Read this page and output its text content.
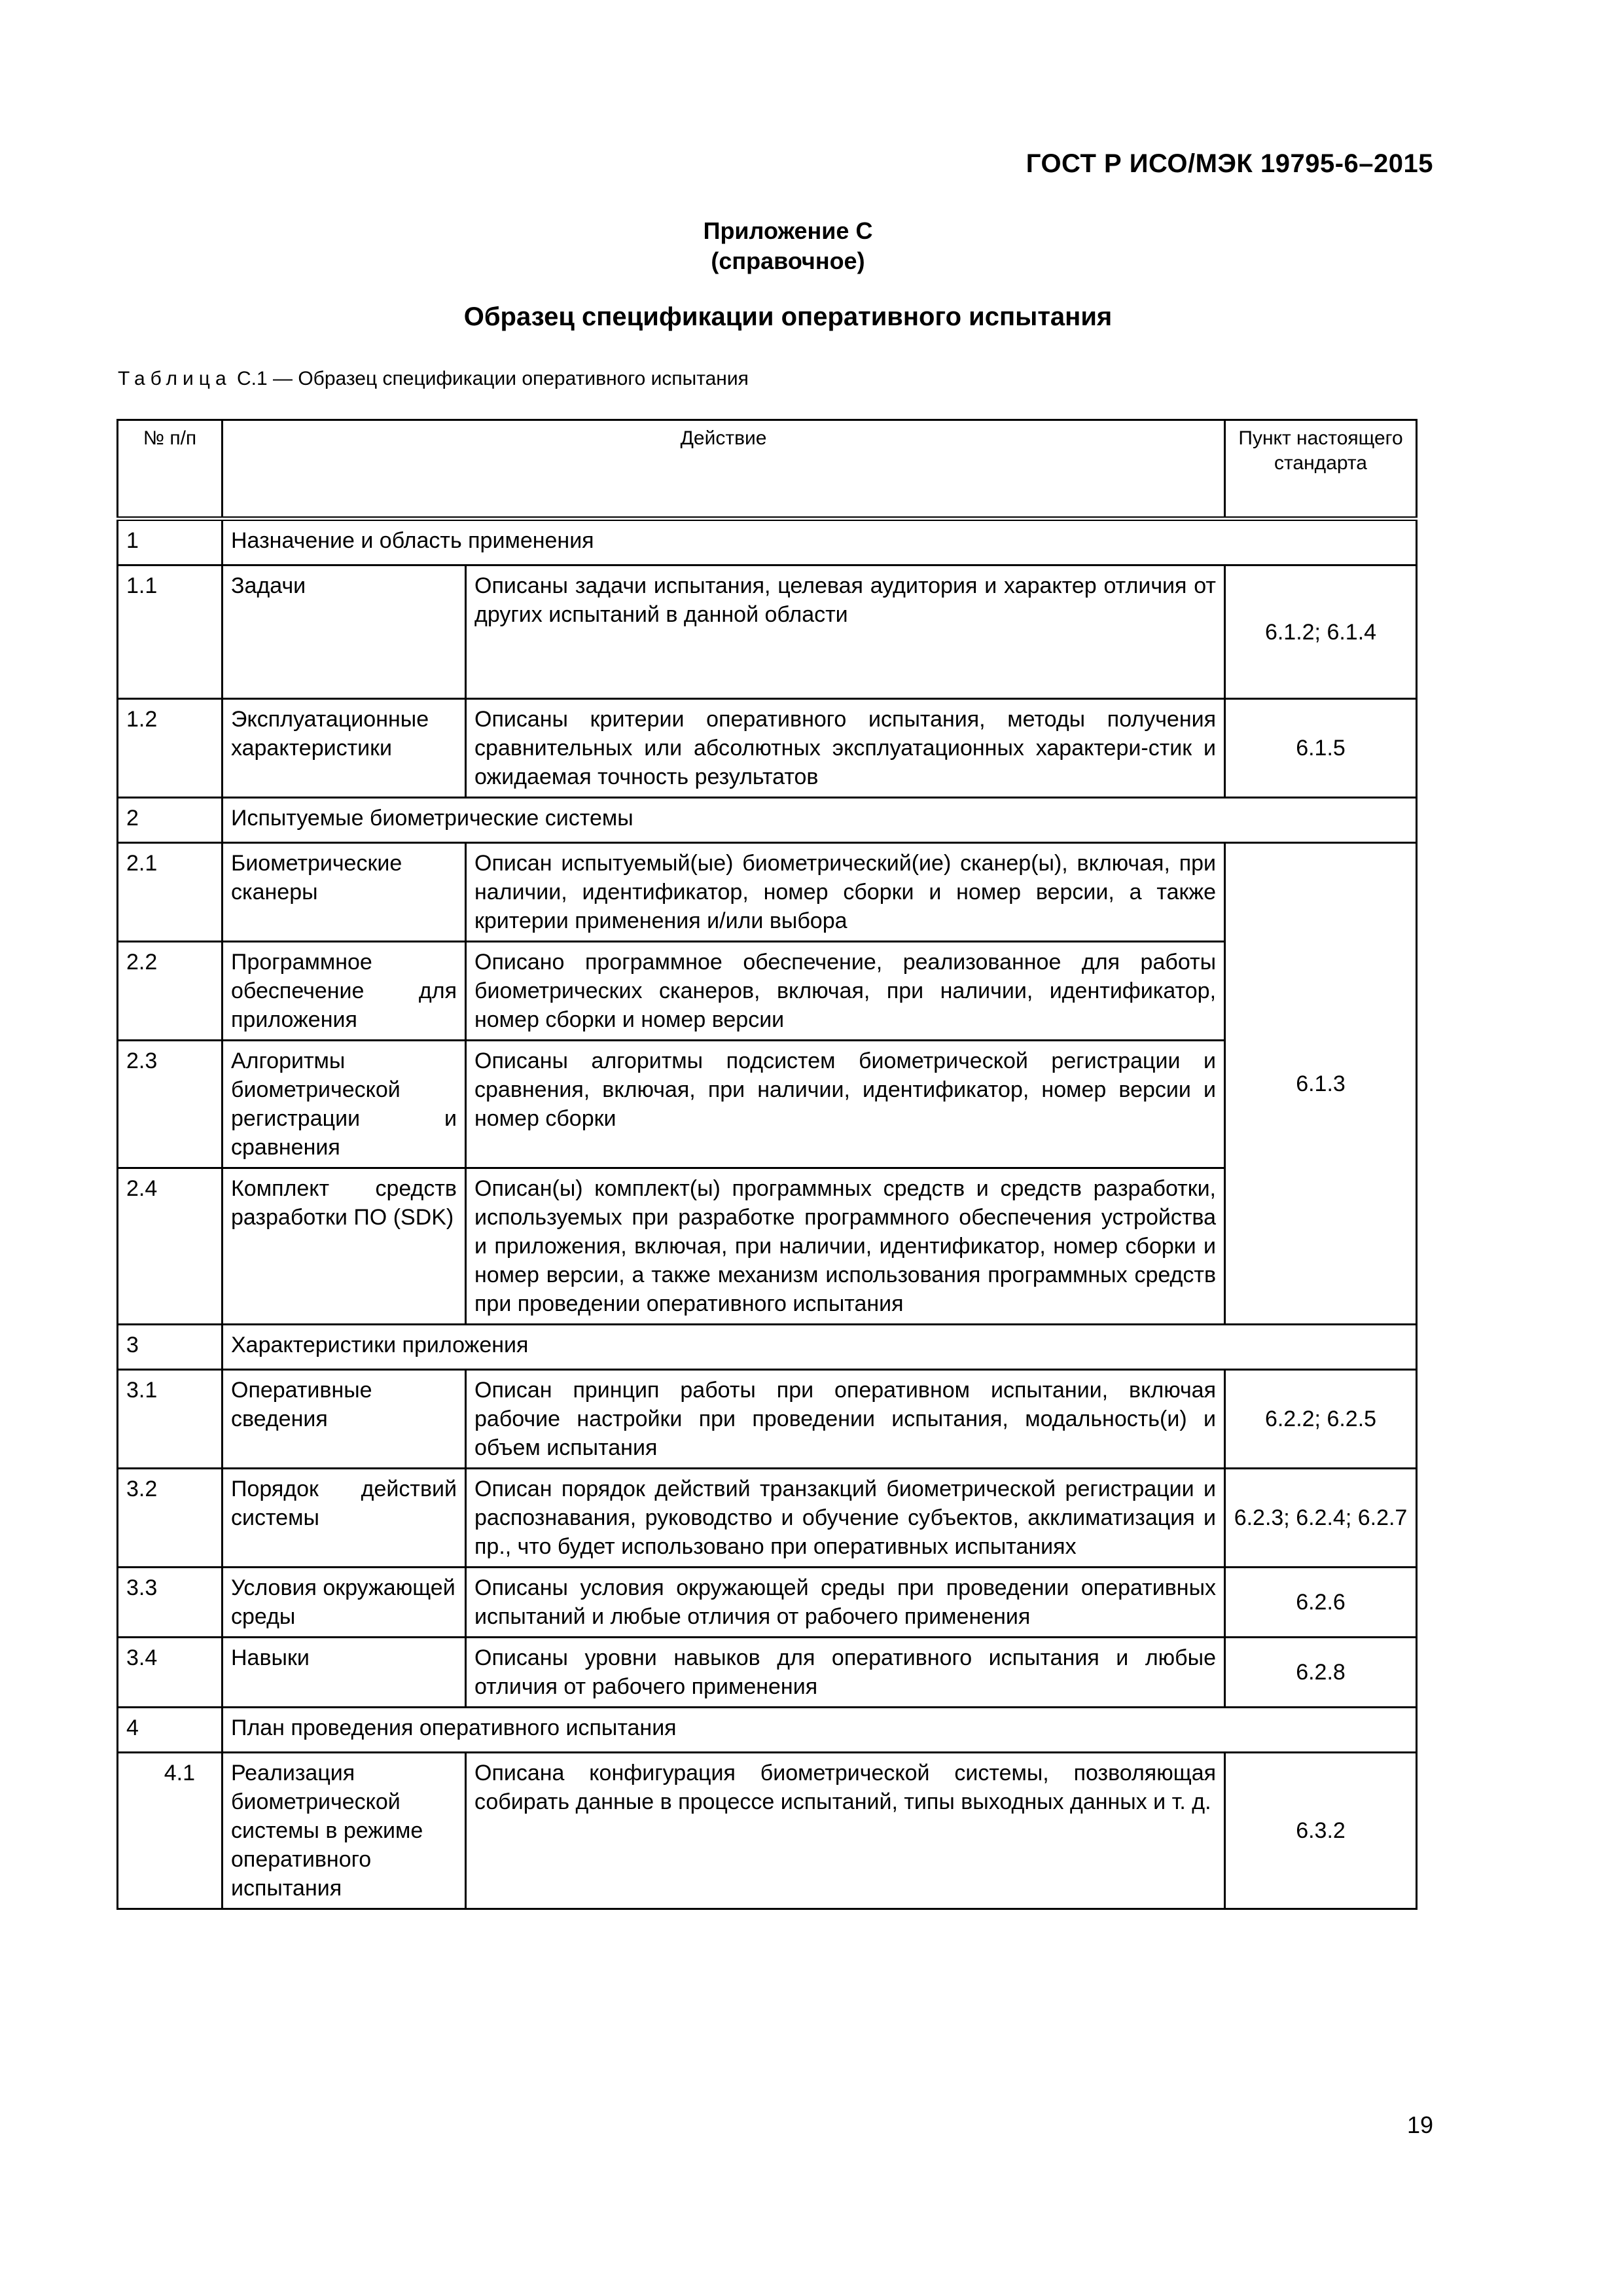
ГОСТ Р ИСО/МЭК 19795-6–2015
Приложение С
(справочное)
Образец спецификации оперативного испытания
Таблица С.1 — Образец спецификации оперативного испытания
№ п/п	Действие		Пункт настоящего стандарта
1	Назначение и область применения		
1.1	Задачи	Описаны задачи испытания, целевая аудитория и характер отличия от других испытаний в данной области	6.1.2; 6.1.4
1.2	Эксплуатационные характеристики	Описаны критерии оперативного испытания, методы получения сравнительных или абсолютных эксплуатационных характери-стик и ожидаемая точность результатов	6.1.5
2	Испытуемые биометрические системы		
2.1	Биометрические сканеры	Описан испытуемый(ые) биометрический(ие) сканер(ы), включая, при наличии, идентификатор, номер сборки и номер версии, а также критерии применения и/или выбора	6.1.3
2.2	Программное обеспечение для приложения	Описано программное обеспечение, реализованное для работы биометрических сканеров, включая, при наличии, идентификатор, номер сборки и номер версии	
2.3	Алгоритмы биометрической регистрации и сравнения	Описаны алгоритмы подсистем биометрической регистрации и сравнения, включая, при наличии, идентификатор, номер версии и номер сборки	
2.4	Комплект средств разработки ПО (SDK)	Описан(ы) комплект(ы) программных средств и средств разработки, используемых при разработке программного обеспечения устройства и приложения, включая, при наличии, идентификатор, номер сборки и номер версии, а также механизм использования программных средств при проведении оперативного испытания	
3	Характеристики приложения		
3.1	Оперативные сведения	Описан принцип работы при оперативном испытании, включая рабочие настройки при проведении испытания, модальность(и) и объем испытания	6.2.2; 6.2.5
3.2	Порядок действий системы	Описан порядок действий транзакций биометрической регистрации и распознавания, руководство и обучение субъектов, акклиматизация и пр., что будет использовано при оперативных испытаниях	6.2.3; 6.2.4; 6.2.7
3.3	Условия окружающей среды	Описаны условия окружающей среды при проведении оперативных испытаний и любые отличия от рабочего применения	6.2.6
3.4	Навыки	Описаны уровни навыков для оперативного испытания и любые отличия от рабочего применения	6.2.8
4	План проведения оперативного испытания		
4.1	Реализация биометрической системы в режиме оперативного испытания	Описана конфигурация биометрической системы, позволяющая собирать данные в процессе испытаний, типы выходных данных и т. д.	6.3.2
19
